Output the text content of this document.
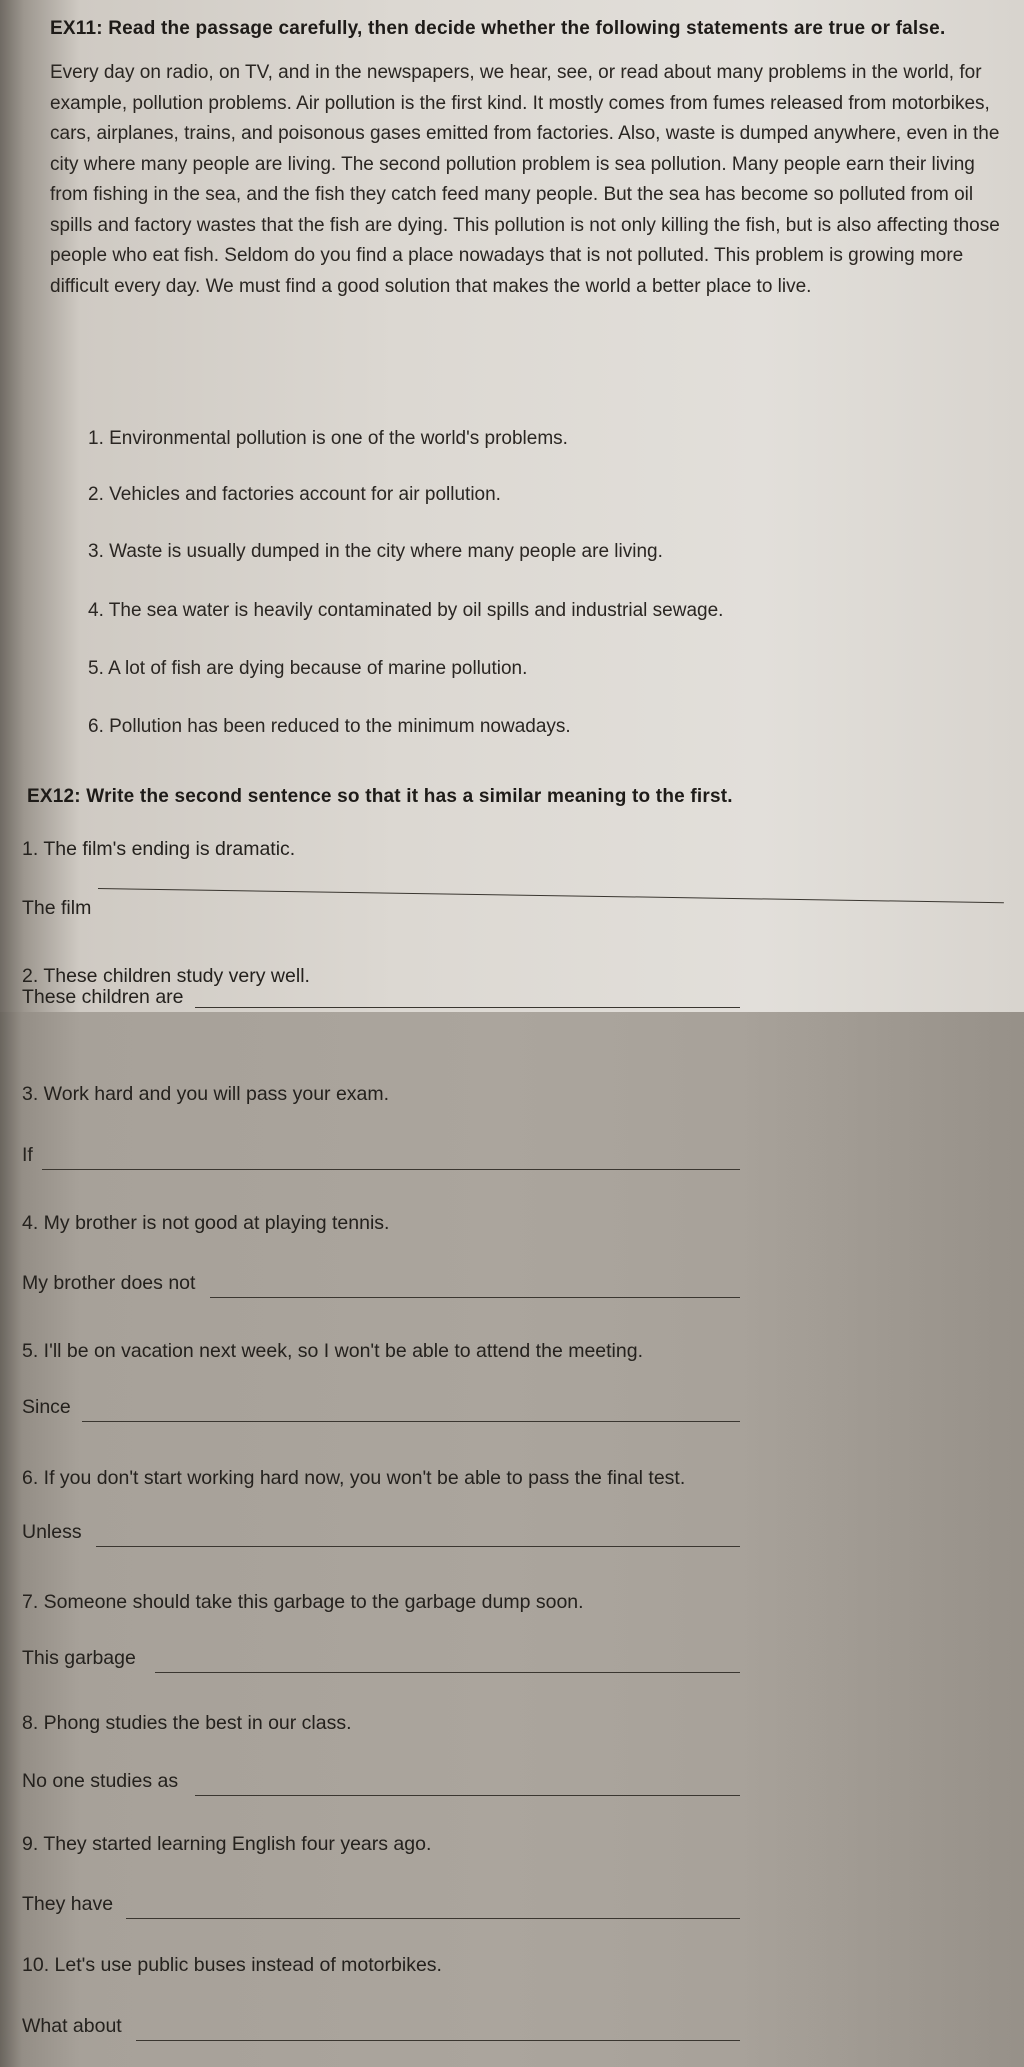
EX11: Read the passage carefully, then decide whether the following statements are true or false.
Every day on radio, on TV, and in the newspapers, we hear, see, or read about many problems in the world, for example, pollution problems. Air pollution is the first kind. It mostly comes from fumes released from motorbikes, cars, airplanes, trains, and poisonous gases emitted from factories. Also, waste is dumped anywhere, even in the city where many people are living. The second pollution problem is sea pollution. Many people earn their living from fishing in the sea, and the fish they catch feed many people. But the sea has become so polluted from oil spills and factory wastes that the fish are dying. This pollution is not only killing the fish, but is also affecting those people who eat fish. Seldom do you find a place nowadays that is not polluted. This problem is growing more difficult every day. We must find a good solution that makes the world a better place to live.
1. Environmental pollution is one of the world's problems.
2. Vehicles and factories account for air pollution.
3. Waste is usually dumped in the city where many people are living.
4. The sea water is heavily contaminated by oil spills and industrial sewage.
5. A lot of fish are dying because of marine pollution.
6. Pollution has been reduced to the minimum nowadays.
EX12: Write the second sentence so that it has a similar meaning to the first.
1. The film's ending is dramatic.
The film
2. These children study very well.
These children are
3. Work hard and you will pass your exam.
If
4. My brother is not good at playing tennis.
My brother does not
5. I'll be on vacation next week, so I won't be able to attend the meeting.
Since
6. If you don't start working hard now, you won't be able to pass the final test.
Unless
7. Someone should take this garbage to the garbage dump soon.
This garbage
8. Phong studies the best in our class.
No one studies as
9. They started learning English four years ago.
They have
10. Let's use public buses instead of motorbikes.
What about
